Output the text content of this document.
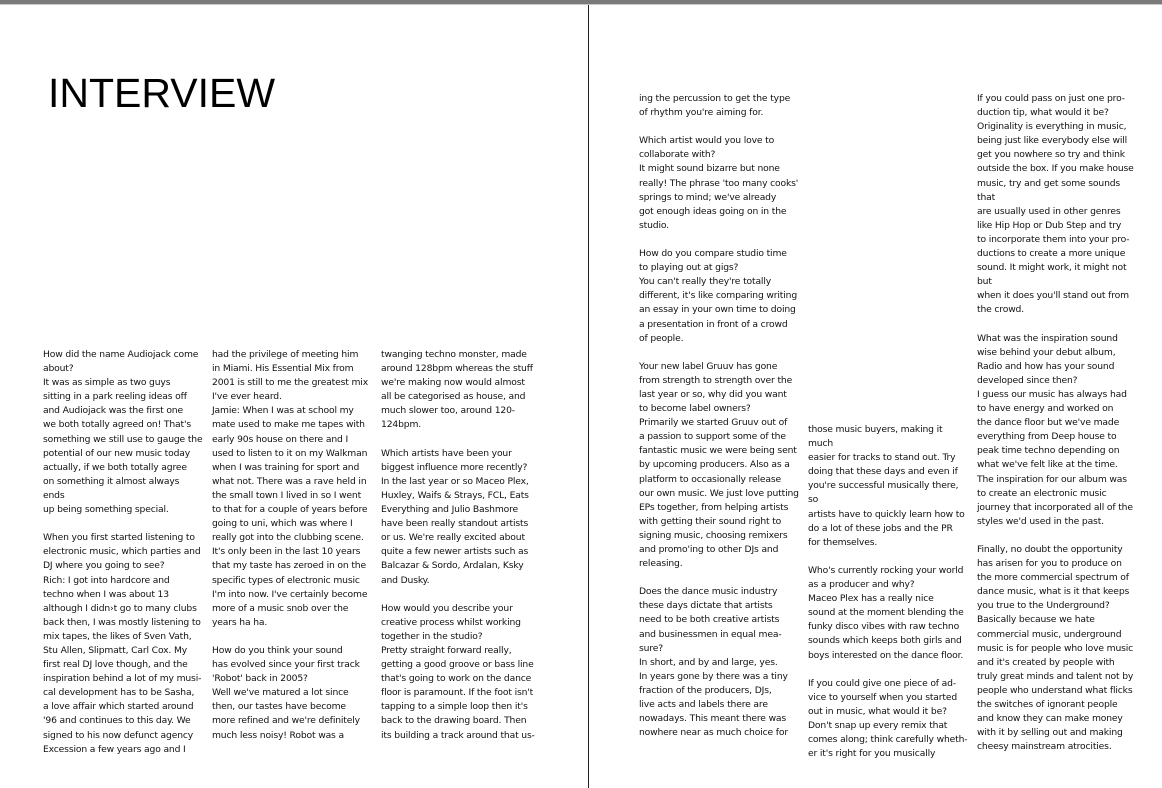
INTERVIEW

How did the name Audiojack come
about?
It was as simple as two guys
sitting in a park reeling ideas off
and Audiojack was the first one
we both totally agreed on! That's
something we still use to gauge the
potential of our new music today
actually, if we both totally agree
on something it almost always ends
up being something special.

When you first started listening to
electronic music, which parties and
DJ where you going to see?
Rich: I got into hardcore and
techno when I was about 13
although I didn›t go to many clubs
back then, I was mostly listening to
mix tapes, the likes of Sven Vath,
Stu Allen, Slipmatt, Carl Cox. My
first real DJ love though, and the
inspiration behind a lot of my musi-
cal development has to be Sasha,
a love affair which started around
'96 and continues to this day. We
signed to his now defunct agency
Excession a few years ago and I

had the privilege of meeting him
in Miami. His Essential Mix from
2001 is still to me the greatest mix
I've ever heard.
Jamie: When I was at school my
mate used to make me tapes with
early 90s house on there and I
used to listen to it on my Walkman
when I was training for sport and
what not. There was a rave held in
the small town I lived in so I went
to that for a couple of years before
going to uni, which was where I
really got into the clubbing scene.
It's only been in the last 10 years
that my taste has zeroed in on the
specific types of electronic music
I'm into now. I've certainly become
more of a music snob over the
years ha ha.

How do you think your sound
has evolved since your first track
'Robot' back in 2005?
Well we've matured a lot since
then, our tastes have become
more refined and we're definitely
much less noisy! Robot was a

twanging techno monster, made
around 128bpm whereas the stuff
we're making now would almost
all be categorised as house, and
much slower too, around 120-
124bpm.

Which artists have been your
biggest influence more recently?
In the last year or so Maceo Plex,
Huxley, Waifs & Strays, FCL, Eats
Everything and Julio Bashmore
have been really standout artists
or us. We're really excited about
quite a few newer artists such as
Balcazar & Sordo, Ardalan, Ksky
and Dusky.

How would you describe your
creative process whilst working
together in the studio?
Pretty straight forward really,
getting a good groove or bass line
that's going to work on the dance
floor is paramount. If the foot isn't
tapping to a simple loop then it's
back to the drawing board. Then
its building a track around that us-

ing the percussion to get the type
of rhythm you're aiming for.

Which artist would you love to
collaborate with?
It might sound bizarre but none
really! The phrase 'too many cooks'
springs to mind; we've already
got enough ideas going on in the
studio.

How do you compare studio time
to playing out at gigs?
You can't really they're totally
different, it's like comparing writing
an essay in your own time to doing
a presentation in front of a crowd
of people.

Your new label Gruuv has gone
from strength to strength over the
last year or so, why did you want
to become label owners?
Primarily we started Gruuv out of
a passion to support some of the
fantastic music we were being sent
by upcoming producers. Also as a
platform to occasionally release
our own music. We just love putting
EPs together, from helping artists
with getting their sound right to
signing music, choosing remixers
and promo'ing to other DJs and
releasing.

Does the dance music industry
these days dictate that artists
need to be both creative artists
and businessmen in equal mea-
sure?
In short, and by and large, yes.
In years gone by there was a tiny
fraction of the producers, DJs,
live acts and labels there are
nowadays. This meant there was
nowhere near as much choice for

those music buyers, making it much
easier for tracks to stand out. Try
doing that these days and even if
you're successful musically there, so
artists have to quickly learn how to
do a lot of these jobs and the PR
for themselves.

Who's currently rocking your world
as a producer and why?
Maceo Plex has a really nice
sound at the moment blending the
funky disco vibes with raw techno
sounds which keeps both girls and
boys interested on the dance floor.

If you could give one piece of ad-
vice to yourself when you started
out in music, what would it be?
Don't snap up every remix that
comes along; think carefully wheth-
er it's right for you musically

If you could pass on just one pro-
duction tip, what would it be?
Originality is everything in music,
being just like everybody else will
get you nowhere so try and think
outside the box. If you make house
music, try and get some sounds that
are usually used in other genres
like Hip Hop or Dub Step and try
to incorporate them into your pro-
ductions to create a more unique
sound. It might work, it might not but
when it does you'll stand out from
the crowd.

What was the inspiration sound
wise behind your debut album,
Radio and how has your sound
developed since then?
I guess our music has always had
to have energy and worked on
the dance floor but we've made
everything from Deep house to
peak time techno depending on
what we've felt like at the time.
The inspiration for our album was
to create an electronic music
journey that incorporated all of the
styles we'd used in the past.

Finally, no doubt the opportunity
has arisen for you to produce on
the more commercial spectrum of
dance music, what is it that keeps
you true to the Underground?
Basically because we hate
commercial music, underground
music is for people who love music
and it's created by people with
truly great minds and talent not by
people who understand what flicks
the switches of ignorant people
and know they can make money
with it by selling out and making
cheesy mainstream atrocities.
